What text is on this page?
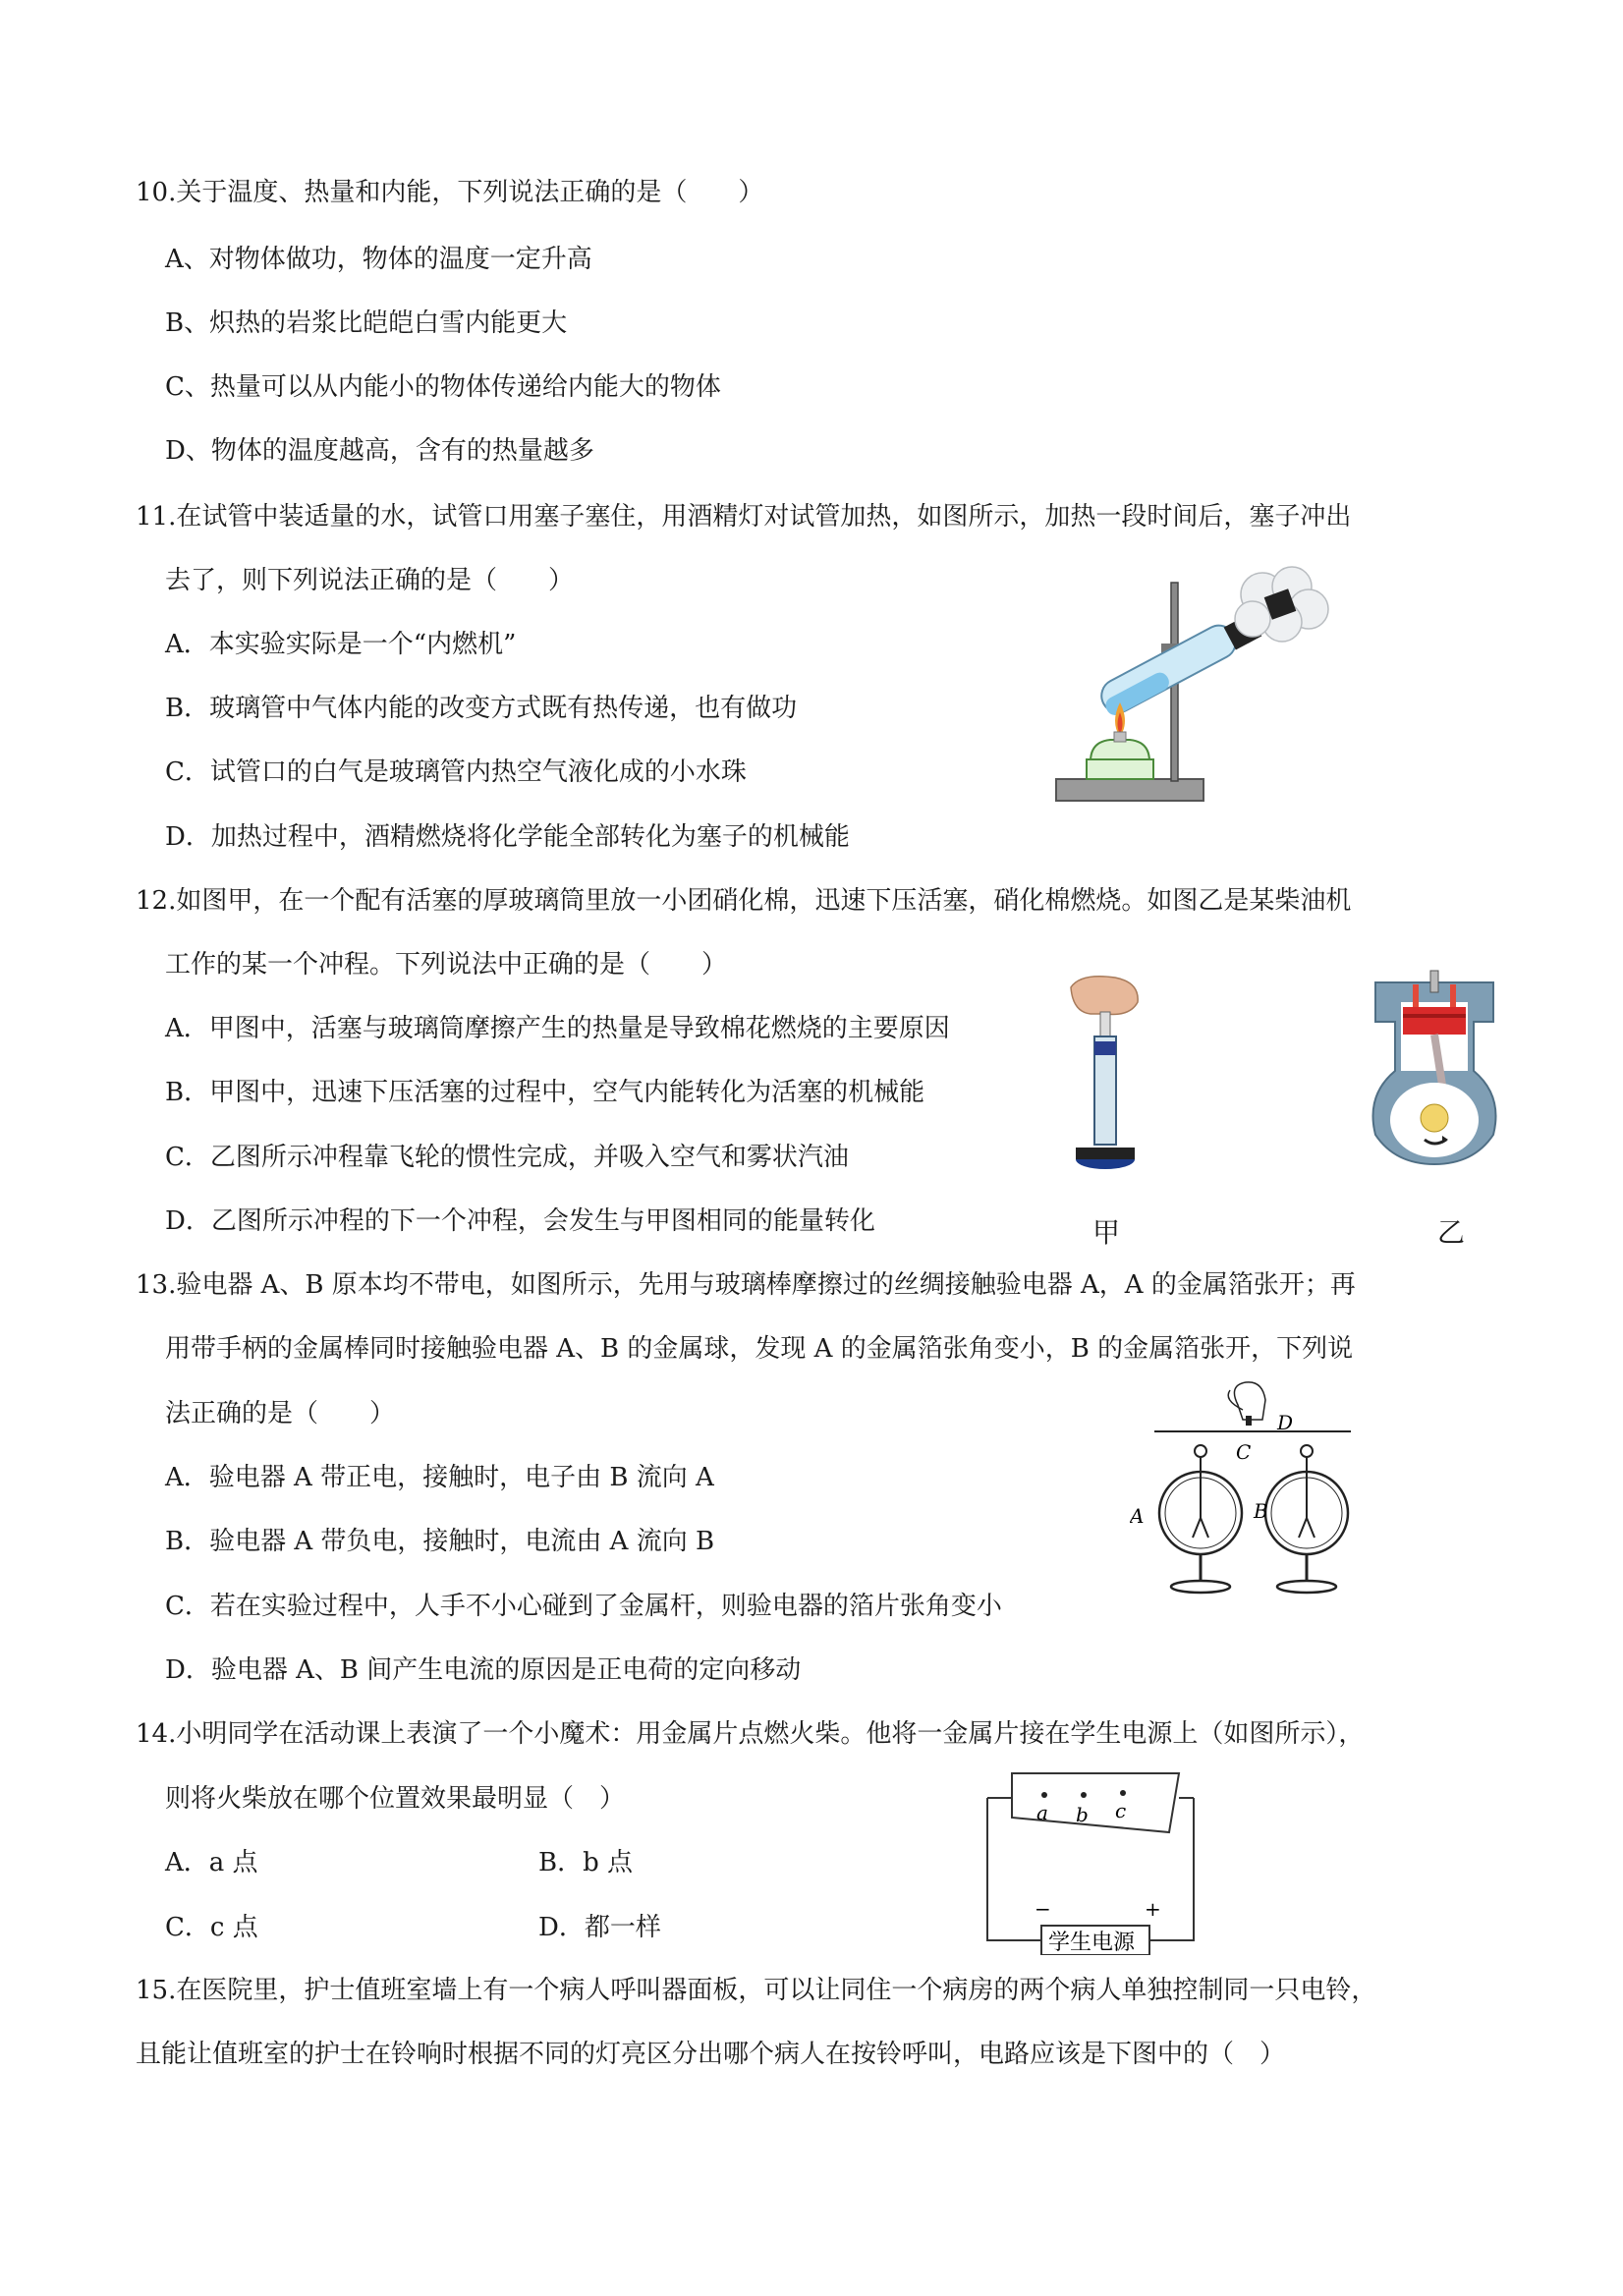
10.关于温度、热量和内能，下列说法正确的是（　　）
A、对物体做功，物体的温度一定升高
B、炽热的岩浆比皑皑白雪内能更大
C、热量可以从内能小的物体传递给内能大的物体
D、物体的温度越高，含有的热量越多
11.在试管中装适量的水，试管口用塞子塞住，用酒精灯对试管加热，如图所示，加热一段时间后，塞子冲出
去了，则下列说法正确的是（　　）
A．本实验实际是一个“内燃机”
B．玻璃管中气体内能的改变方式既有热传递，也有做功
C．试管口的白气是玻璃管内热空气液化成的小水珠
D．加热过程中，酒精燃烧将化学能全部转化为塞子的机械能
12.如图甲，在一个配有活塞的厚玻璃筒里放一小团硝化棉，迅速下压活塞，硝化棉燃烧。如图乙是某柴油机
工作的某一个冲程。下列说法中正确的是（　　）
A．甲图中，活塞与玻璃筒摩擦产生的热量是导致棉花燃烧的主要原因
B．甲图中，迅速下压活塞的过程中，空气内能转化为活塞的机械能
C．乙图所示冲程靠飞轮的惯性完成，并吸入空气和雾状汽油
D．乙图所示冲程的下一个冲程，会发生与甲图相同的能量转化	甲	乙
13.验电器 A、B 原本均不带电，如图所示，先用与玻璃棒摩擦过的丝绸接触验电器 A，A 的金属箔张开；再
用带手柄的金属棒同时接触验电器 A、B 的金属球，发现 A 的金属箔张角变小，B 的金属箔张开，下列说
法正确的是（　　）
A．验电器 A 带正电，接触时，电子由 B 流向 A
B．验电器 A 带负电，接触时，电流由 A 流向 B
C．若在实验过程中，人手不小心碰到了金属杆，则验电器的箔片张角变小
D．验电器 A、B 间产生电流的原因是正电荷的定向移动
D
C
A	B
14.小明同学在活动课上表演了一个小魔术：用金属片点燃火柴。他将一金属片接在学生电源上（如图所示），
则将火柴放在哪个位置效果最明显（　）
A．a 点	B．b 点
C．c 点	D．都一样
a b c
−	+
学生电源
15.在医院里，护士值班室墙上有一个病人呼叫器面板，可以让同住一个病房的两个病人单独控制同一只电铃，
且能让值班室的护士在铃响时根据不同的灯亮区分出哪个病人在按铃呼叫，电路应该是下图中的（　）
